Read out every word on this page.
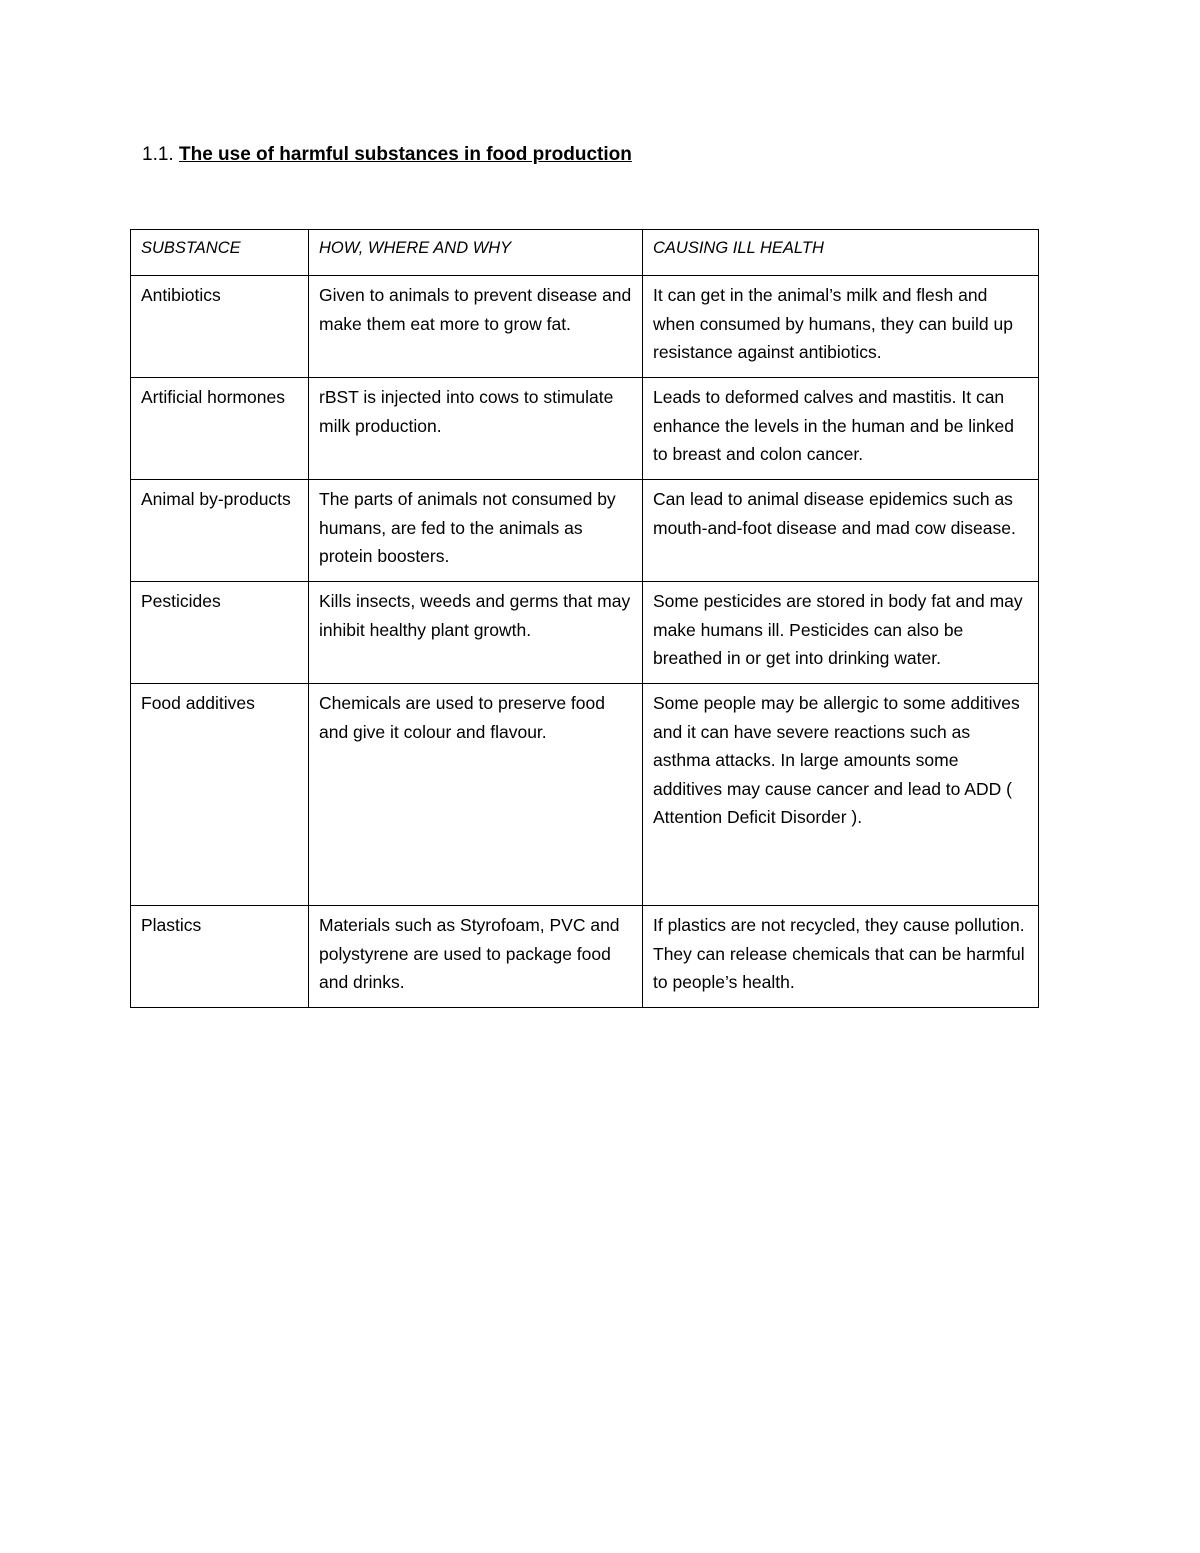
1.1. The use of harmful substances in food production
SUBSTANCE	HOW, WHERE AND WHY	CAUSING ILL HEALTH
Antibiotics	Given to animals to prevent disease and make them eat more to grow fat.	It can get in the animal’s milk and flesh and when consumed by humans, they can build up resistance against antibiotics.
Artificial hormones	rBST is injected into cows to stimulate milk production.	Leads to deformed calves and mastitis. It can enhance the levels in the human and be linked to breast and colon cancer.
Animal by-products	The parts of animals not consumed by humans, are fed to the animals as protein boosters.	Can lead to animal disease epidemics such as mouth-and-foot disease and mad cow disease.
Pesticides	Kills insects, weeds and germs that may inhibit healthy plant growth.	Some pesticides are stored in body fat and may make humans ill. Pesticides can also be breathed in or get into drinking water.
Food additives	Chemicals are used to preserve food and give it colour and flavour.	Some people may be allergic to some additives and it can have severe reactions such as asthma attacks. In large amounts some additives may cause cancer and lead to ADD ( Attention Deficit Disorder ).
Plastics	Materials such as Styrofoam, PVC and polystyrene are used to package food and drinks.	If plastics are not recycled, they cause pollution. They can release chemicals that can be harmful to people’s health.
